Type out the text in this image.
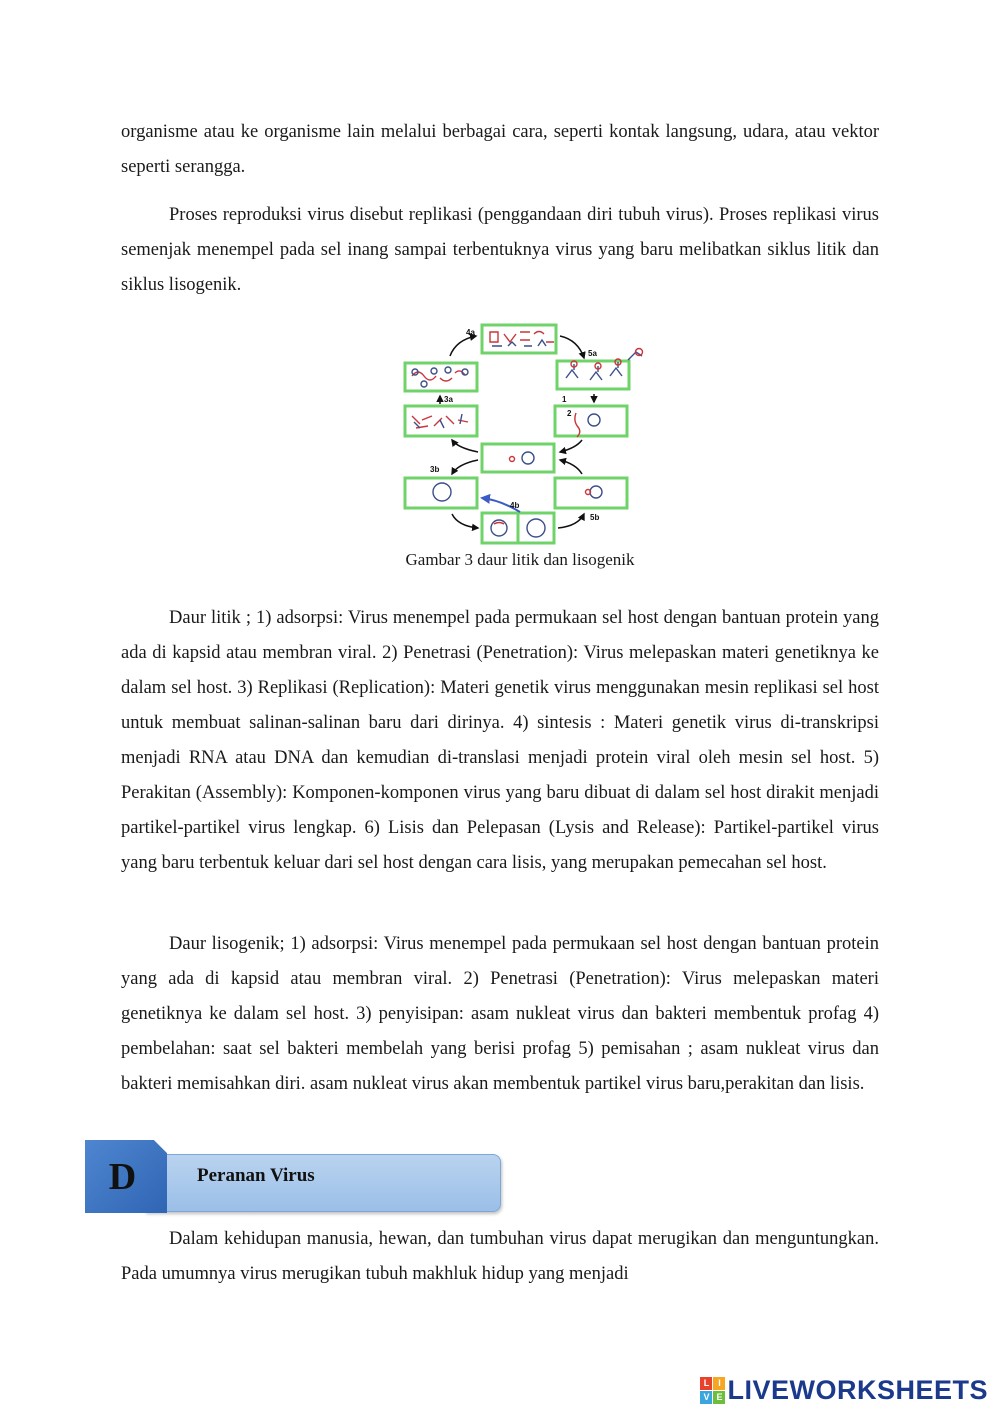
organisme atau ke organisme lain melalui berbagai cara, seperti kontak langsung, udara, atau vektor seperti serangga.

Proses reproduksi virus disebut replikasi (penggandaan diri tubuh virus). Proses replikasi virus semenjak menempel pada sel inang sampai terbentuknya virus yang baru melibatkan siklus litik dan siklus lisogenik.

4a
5a
3a	1
2
3b
4b
5b
Gambar 3 daur litik dan lisogenik

Daur litik ; 1) adsorpsi: Virus menempel pada permukaan sel host dengan bantuan protein yang ada di kapsid atau membran viral. 2) Penetrasi (Penetration): Virus melepaskan materi genetiknya ke dalam sel host. 3) Replikasi (Replication): Materi genetik virus menggunakan mesin replikasi sel host untuk membuat salinan-salinan baru dari dirinya. 4) sintesis : Materi genetik virus di-transkripsi menjadi RNA atau DNA dan kemudian di-translasi menjadi protein viral oleh mesin sel host. 5) Perakitan (Assembly): Komponen-komponen virus yang baru dibuat di dalam sel host dirakit menjadi partikel-partikel virus lengkap. 6) Lisis dan Pelepasan (Lysis and Release): Partikel-partikel virus yang baru terbentuk keluar dari sel host dengan cara lisis, yang merupakan pemecahan sel host.

Daur lisogenik; 1) adsorpsi: Virus menempel pada permukaan sel host dengan bantuan protein yang ada di kapsid atau membran viral. 2) Penetrasi (Penetration): Virus melepaskan materi genetiknya ke dalam sel host. 3) penyisipan: asam nukleat virus dan bakteri membentuk profag 4) pembelahan: saat sel bakteri membelah yang berisi profag 5) pemisahan ; asam nukleat virus dan bakteri memisahkan diri. asam nukleat virus akan membentuk partikel virus baru,perakitan dan lisis.

D	Peranan Virus

Dalam kehidupan manusia, hewan, dan tumbuhan virus dapat merugikan dan menguntungkan. Pada umumnya virus merugikan tubuh makhluk hidup yang menjadi

L I
V E LIVEWORKSHEETS
